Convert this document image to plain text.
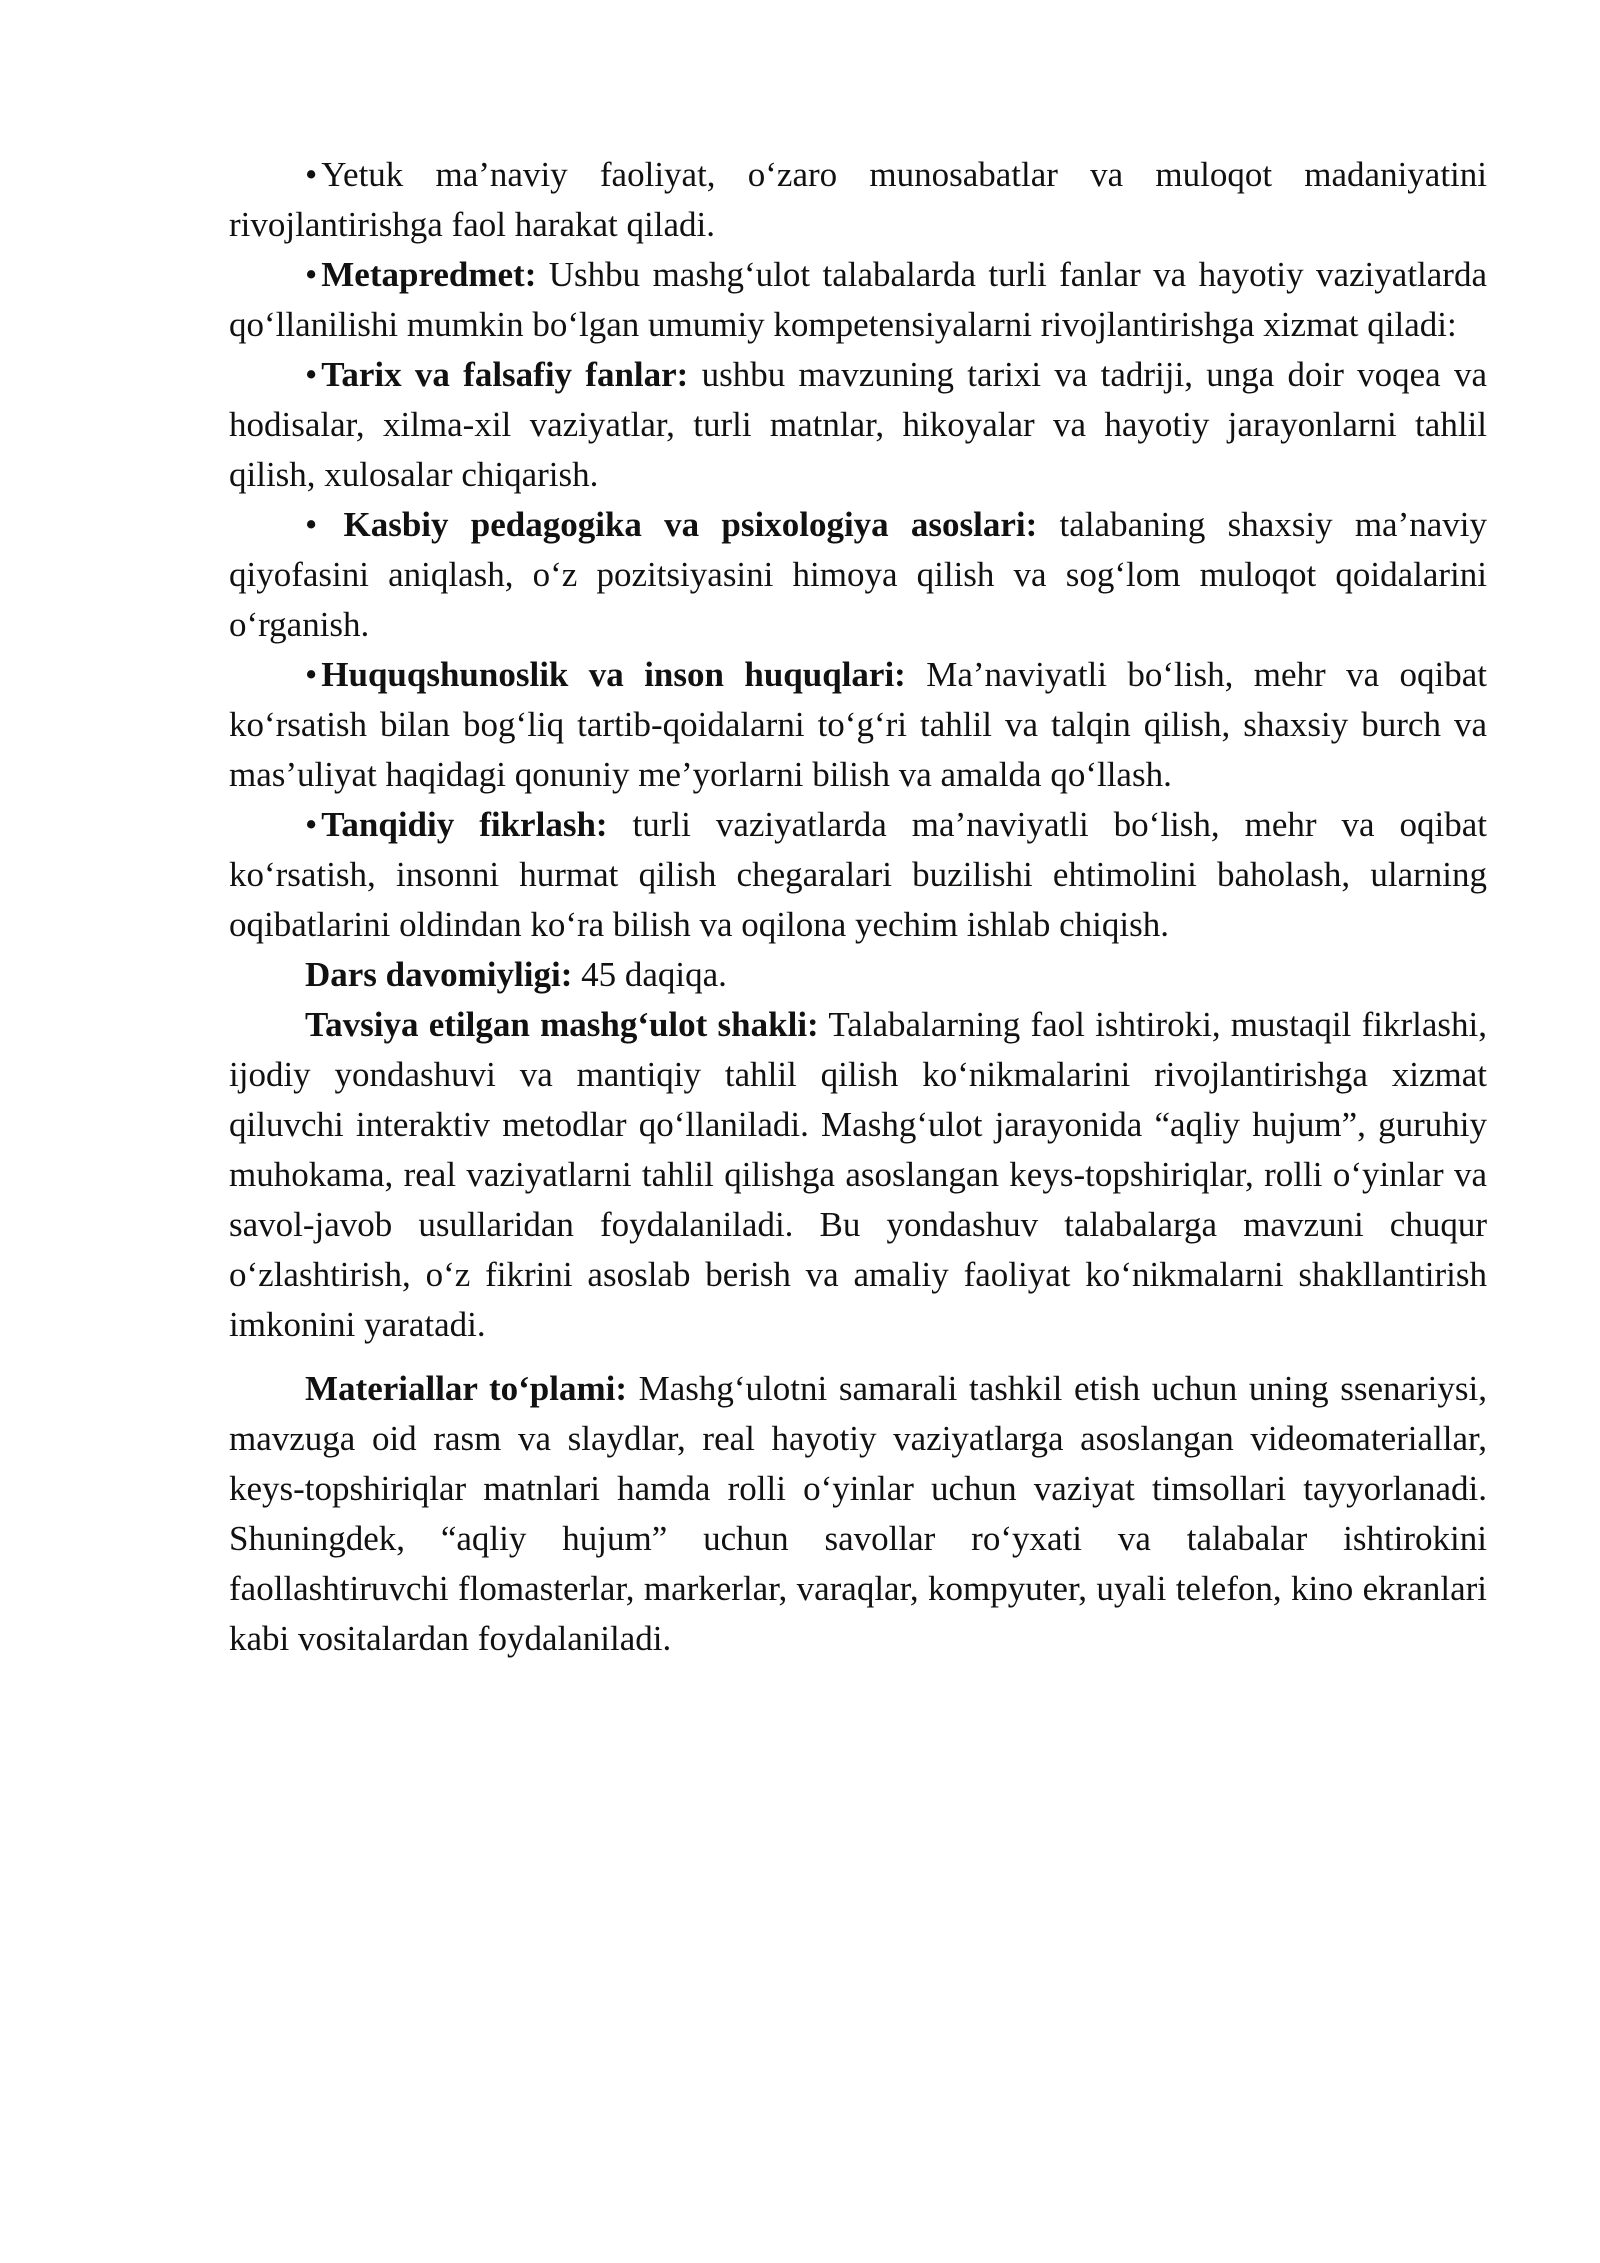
• Yetuk ma’naviy faoliyat, o‘zaro munosabatlar va muloqot madaniyatini rivojlantirishga faol harakat qiladi.

• Metapredmet: Ushbu mashg‘ulot talabalarda turli fanlar va hayotiy vaziyatlarda qo‘llanilishi mumkin bo‘lgan umumiy kompetensiyalarni rivojlantirishga xizmat qiladi:

• Tarix va falsafiy fanlar: ushbu mavzuning tarixi va tadriji, unga doir voqea va hodisalar, xilma-xil vaziyatlar, turli matnlar, hikoyalar va hayotiy jarayonlarni tahlil qilish, xulosalar chiqarish.

• Kasbiy pedagogika va psixologiya asoslari: talabaning shaxsiy ma’naviy qiyofasini aniqlash, o‘z pozitsiyasini himoya qilish va sog‘lom muloqot qoidalarini o‘rganish.

• Huquqshunoslik va inson huquqlari: Ma’naviyatli bo‘lish, mehr va oqibat ko‘rsatish bilan bog‘liq tartib-qoidalarni to‘g‘ri tahlil va talqin qilish, shaxsiy burch va mas’uliyat haqidagi qonuniy me’yorlarni bilish va amalda qo‘llash.

• Tanqidiy fikrlash: turli vaziyatlarda ma’naviyatli bo‘lish, mehr va oqibat ko‘rsatish, insonni hurmat qilish chegaralari buzilishi ehtimolini baholash, ularning oqibatlarini oldindan ko‘ra bilish va oqilona yechim ishlab chiqish.

Dars davomiyligi: 45 daqiqa.

Tavsiya etilgan mashg‘ulot shakli: Talabalarning faol ishtiroki, mustaqil fikrlashi, ijodiy yondashuvi va mantiqiy tahlil qilish ko‘nikmalarini rivojlantirishga xizmat qiluvchi interaktiv metodlar qo‘llaniladi. Mashg‘ulot jarayonida “aqliy hujum”, guruhiy muhokama, real vaziyatlarni tahlil qilishga asoslangan keys-topshiriqlar, rolli o‘yinlar va savol-javob usullaridan foydalaniladi. Bu yondashuv talabalarga mavzuni chuqur o‘zlashtirish, o‘z fikrini asoslab berish va amaliy faoliyat ko‘nikmalarni shakllantirish imkonini yaratadi.

Materiallar to‘plami: Mashg‘ulotni samarali tashkil etish uchun uning ssenariysi, mavzuga oid rasm va slaydlar, real hayotiy vaziyatlarga asoslangan videomateriallar, keys-topshiriqlar matnlari hamda rolli o‘yinlar uchun vaziyat timsollari tayyorlanadi. Shuningdek, “aqliy hujum” uchun savollar ro‘yxati va talabalar ishtirokini faollashtiruvchi flomasterlar, markerlar, varaqlar, kompyuter, uyali telefon, kino ekranlari kabi vositalardan foydalaniladi.
